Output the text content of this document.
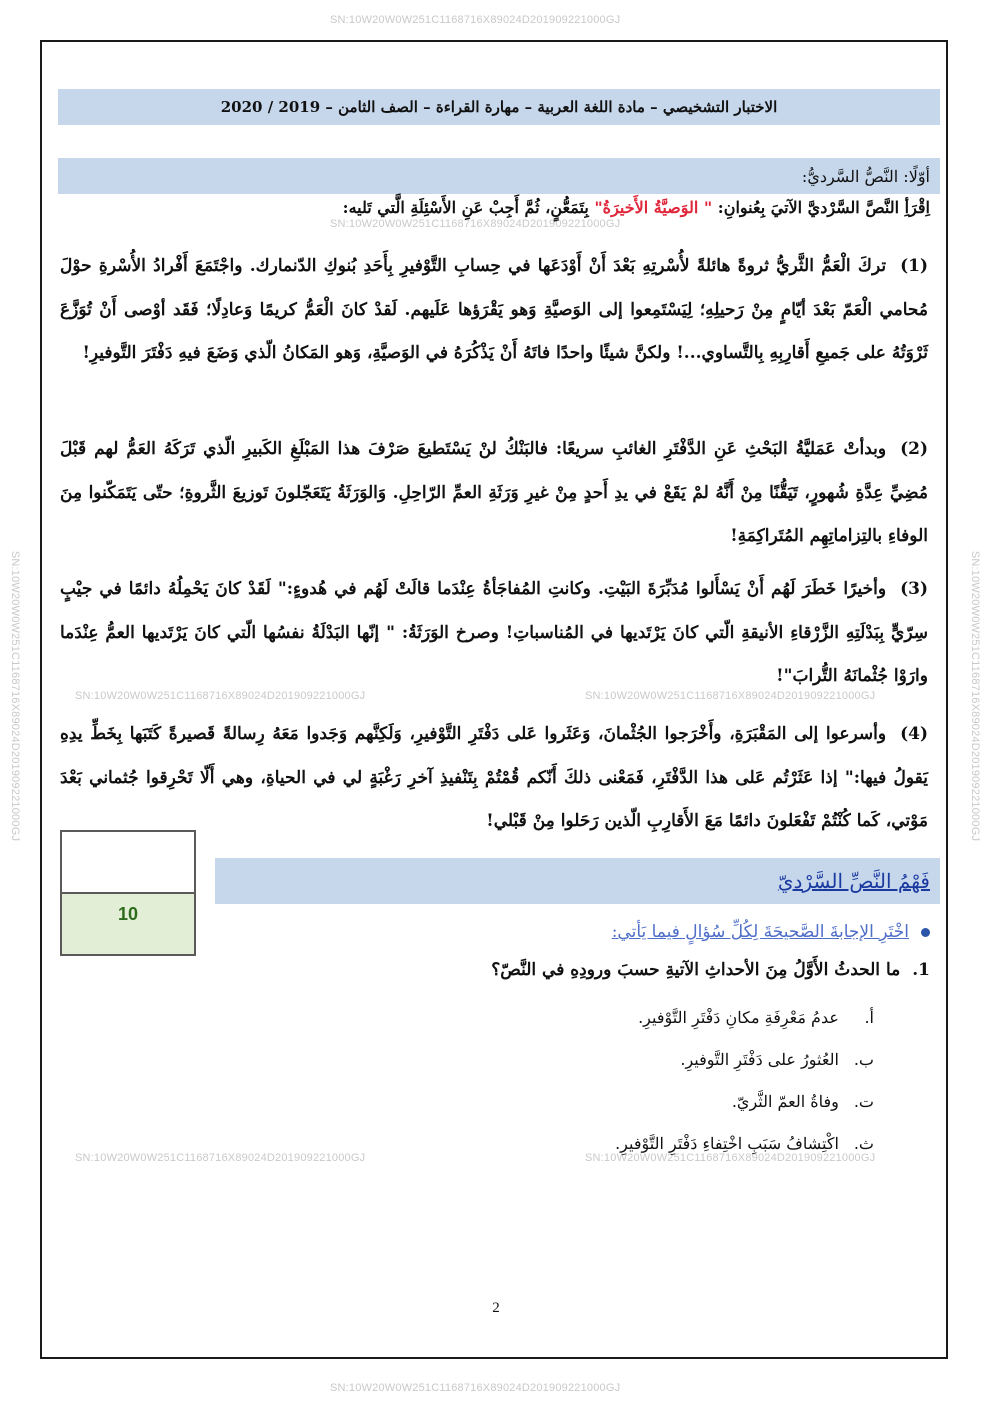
SN:10W20W0W251C1168716X89024D201909221000GJ
SN:10W20W0W251C1168716X89024D201909221000GJ
SN:10W20W0W251C1168716X89024D201909221000GJ
SN:10W20W0W251C1168716X89024D201909221000GJ	SN:10W20W0W251C1168716X89024D201909221000GJ
SN:10W20W0W251C1168716X89024D201909221000GJ	SN:10W20W0W251C1168716X89024D201909221000GJ
SN:10W20W0W251C1168716X89024D201909221000GJ	SN:10W20W0W251C1168716X89024D201909221000GJ
الاختبار التشخيصي – مادة اللغة العربية – مهارة القراءة – الصف الثامن – 2019 / 2020
أوّلًا: النَّصُّ السَّرديُّ:
اِقْرَأِ النَّصَّ السَّرْديَّ الآتيَ بِعُنوانِ: " الوَصيَّةُ الأَخيرَةُ" بِتَمَعُّنٍ، ثُمَّ أَجِبْ عَنِ الأَسْئِلَةِ الَّتي تَليه:
(1)تركَ الْعَمُّ الثَّريُّ ثروةً هائلةً لأُسْرتِهِ بَعْدَ أَنْ أَوْدَعَها في حِسابِ التَّوْفيرِ بِأَحَدِ بُنوكِ الدّنمارك. واجْتَمَعَ أَفْرادُ الأُسْرةِ حوْلَ مُحامي الْعَمّ بَعْدَ أيّامٍ مِنْ رَحيلِهِ؛ لِيَسْتَمِعوا إلى الوَصيَّةِ وَهو يَقْرَؤها عَلَيهم. لَقدْ كانَ الْعَمُّ كريمًا وَعادِلًا؛ فَقَد أوْصى أَنْ تُوَزَّعَ ثَرْوَتُهُ على جَميعِ أَقارِبِهِ بِالتَّساوي...! ولكنَّ شيئًا واحدًا فاتَهُ أَنْ يَذْكُرَهُ في الوَصيَّةِ، وَهو المَكانُ الّذي وَضَعَ فيهِ دَفْتَرَ التَّوفيرِ!
(2)وبدأتْ عَمَليَّةُ البَحْثِ عَنِ الدَّفْتَرِ الغائبِ سريعًا: فالبَنْكُ لنْ يَسْتَطيعَ صَرْفَ هذا المَبْلَغِ الكَبيرِ الّذي تَرَكَهُ العَمُّ لهم قَبْلَ مُضِيِّ عِدَّةِ شُهورٍ، تَيَقُّنًا مِنْ أَنَّهُ لمْ يَقَعْ في يدِ أَحدٍ مِنْ غيرِ وَرَثَةِ العمِّ الرّاحِلِ. وَالوَرَثَةُ يَتَعَجّلونَ تَوزيعَ الثَّروةِ؛ حتّى يَتَمَكّنوا مِنَ الوفاءِ بالتِزاماتِهِم المُتَراكِمَةِ!
(3)وأخيرًا خَطَرَ لَهُم أَنْ يَسْأَلوا مُدَبِّرَةَ البَيْتِ. وكانتِ المُفاجَأةُ عِنْدَما قالَتْ لَهُم في هُدوءٍ:" لَقَدْ كانَ يَحْمِلُهُ دائمًا في جيْبٍ سِرّيٍّ بِبَدْلَتِهِ الزَّرْقاءِ الأنيقةِ الّتي كانَ يَرْتَديها في المُناسباتِ! وصرخ الوَرَثَةُ: " إنّها البَدْلَةُ نفسُها الّتي كانَ يَرْتَديها العمُّ عِنْدَما وارَوْا جُثْمانَهُ التُّرابَ"!
(4)وأسرعوا إلى المَقْبَرَةِ، وأَخْرَجوا الجُثْمانَ، وَعَثَروا عَلى دَفْتَرِ التَّوْفيرِ، وَلَكِنَّهم وَجَدوا مَعَهُ رِسالةً قَصيرةً كَتَبَها بِخَطِّ يدِهِ يَقولُ فيها:" إذا عَثَرْتُم عَلى هذا الدَّفْتَرِ، فَمَعْنى ذلكَ أَنّكم قُمْتُمْ بِتَنْفيذِ آخرِ رَغْبَةٍ لي في الحياةِ، وهي أَلّا تَحْرِقوا جُثماني بَعْدَ مَوْتي، كَما كُنْتُمْ تَفْعَلونَ دائمًا مَعَ الأَقارِبِ الّذين رَحَلوا مِنْ قَبْلي!
10
فَهْمُ النَّصِّ السَّرْديّ
اخْتَرِ الإجابةَ الصَّحيحَةَ لِكُلِّ سُؤالٍ فيما يَأتي:
1.ما الحدثُ الأَوَّلُ مِنَ الأحداثِ الآتيةِ حسبَ ورودِهِ في النَّصّ؟
أ. عدمُ مَعْرِفَةِ مكانِ دَفْتَرِ التَّوْفيرِ.
ب. العُثورُ على دَفْتَرِ التَّوفيرِ.
ت. وفاةُ العمّ الثَّريّ.
ث. اكْتِشافُ سَبَبِ اخْتِفاءِ دَفْتَرِ التَّوْفيرِ.
2
